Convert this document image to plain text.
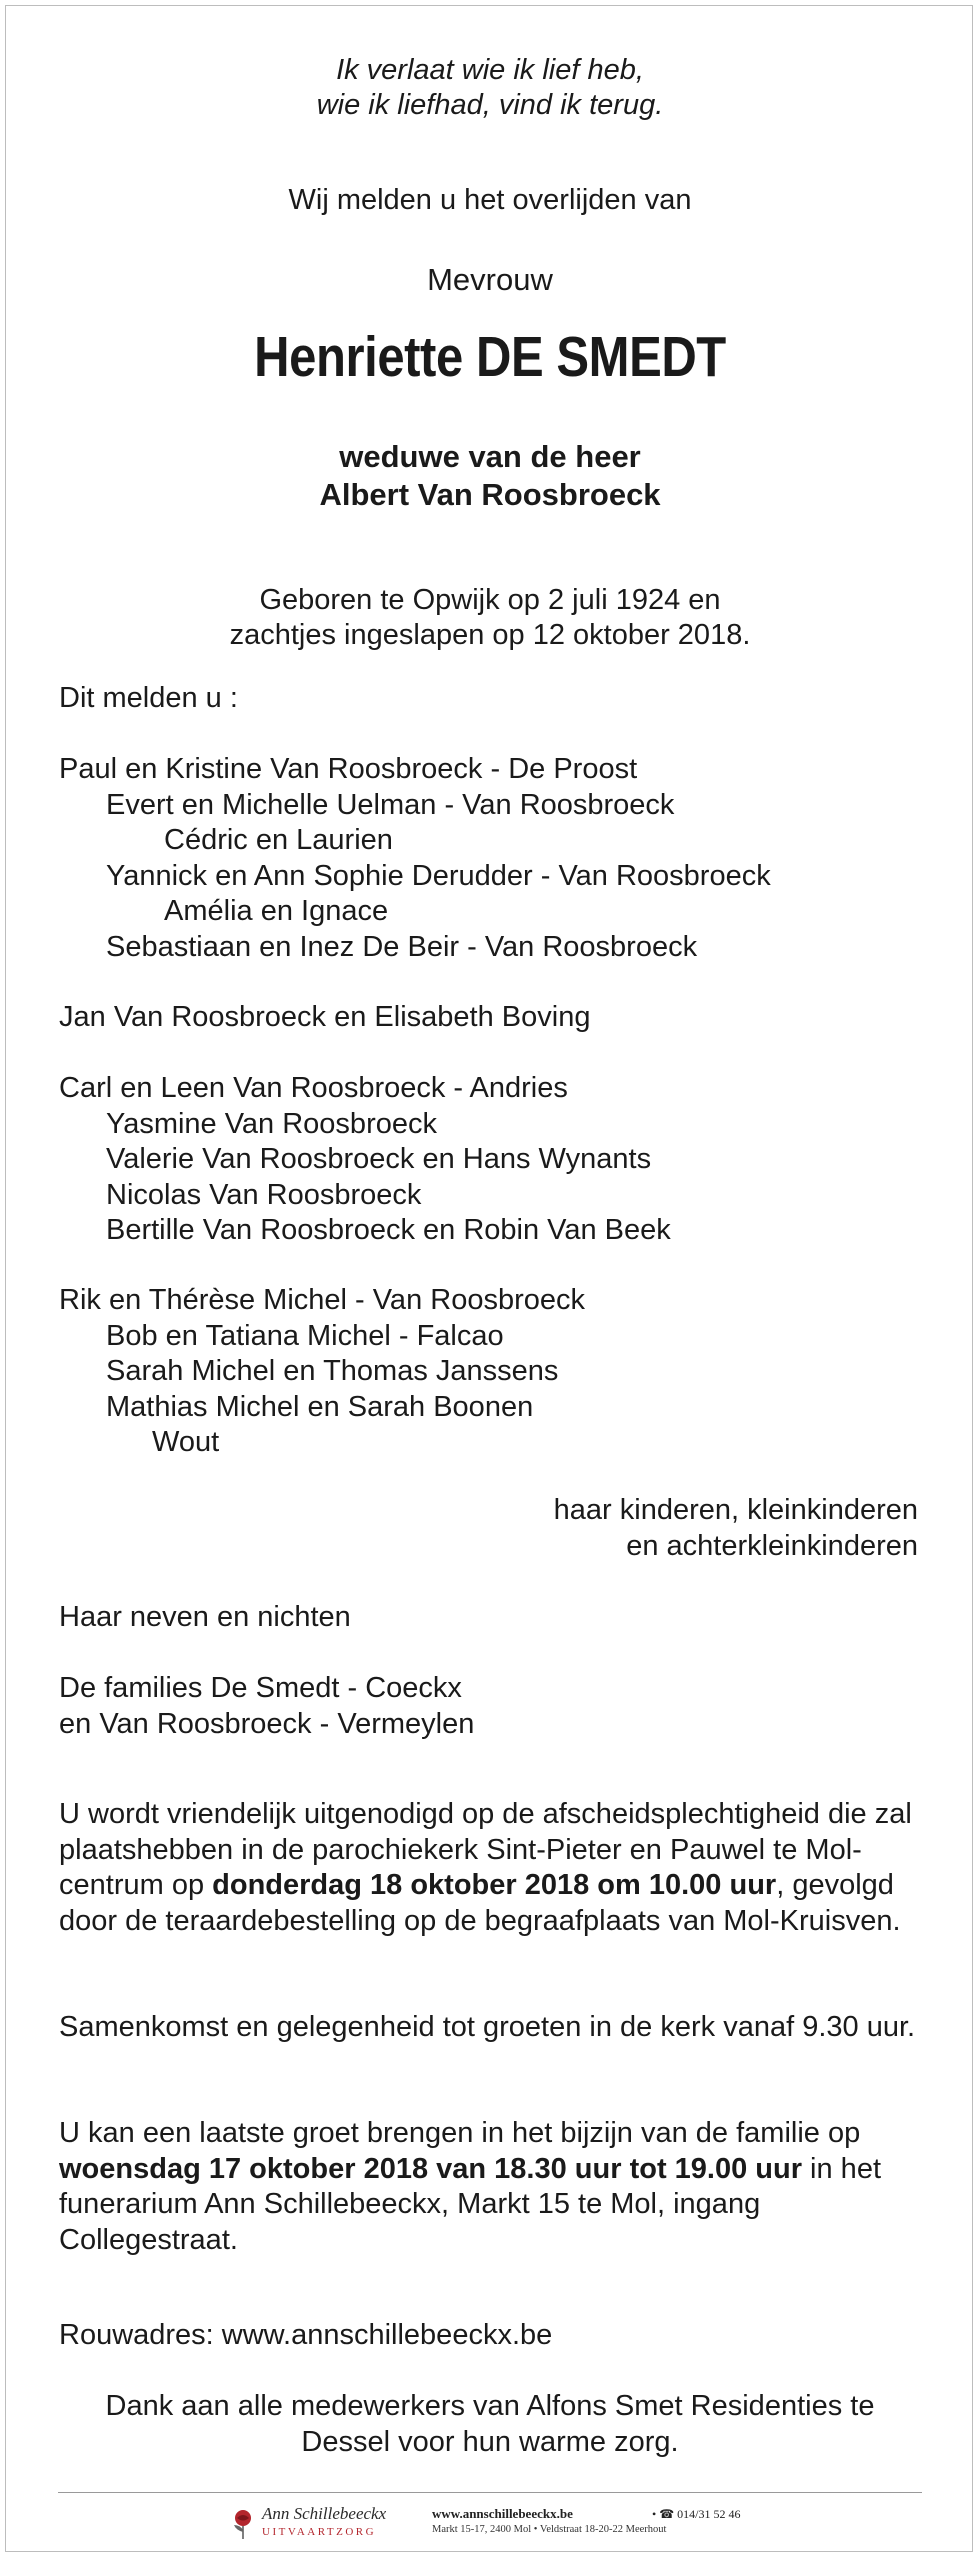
Ik verlaat wie ik lief heb,
wie ik liefhad, vind ik terug.
Wij melden u het overlijden van
Mevrouw
Henriette DE SMEDT
weduwe van de heer
Albert Van Roosbroeck
Geboren te Opwijk op 2 juli 1924 en
zachtjes ingeslapen op 12 oktober 2018.
Dit melden u :
Paul en Kristine Van Roosbroeck - De Proost
Evert en Michelle Uelman - Van Roosbroeck
Cédric en Laurien
Yannick en Ann Sophie Derudder - Van Roosbroeck
Amélia en Ignace
Sebastiaan en Inez De Beir - Van Roosbroeck
Jan Van Roosbroeck en Elisabeth Boving
Carl en Leen Van Roosbroeck - Andries
Yasmine Van Roosbroeck
Valerie Van Roosbroeck en Hans Wynants
Nicolas Van Roosbroeck
Bertille Van Roosbroeck en Robin Van Beek
Rik en Thérèse Michel - Van Roosbroeck
Bob en Tatiana Michel - Falcao
Sarah Michel en Thomas Janssens
Mathias Michel en Sarah Boonen
Wout
haar kinderen, kleinkinderen
en achterkleinkinderen
Haar neven en nichten
De families De Smedt - Coeckx
en Van Roosbroeck - Vermeylen
U wordt vriendelijk uitgenodigd op de afscheidsplechtigheid die zal plaatshebben in de parochiekerk Sint-Pieter en Pauwel te Mol-centrum op donderdag 18 oktober 2018 om 10.00 uur, gevolgd door de teraardebestelling op de begraafplaats van Mol-Kruisven.
Samenkomst en gelegenheid tot groeten in de kerk vanaf 9.30 uur.
U kan een laatste groet brengen in het bijzijn van de familie op woensdag 17 oktober 2018 van 18.30 uur tot 19.00 uur in het funerarium Ann Schillebeeckx, Markt 15 te Mol, ingang Collegestraat.
Rouwadres: www.annschillebeeckx.be
Dank aan alle medewerkers van Alfons Smet Residenties te
Dessel voor hun warme zorg.
Ann Schillebeeckx
UITVAARTZORG
www.annschillebeeckx.be	• ☎ 014/31 52 46
Markt 15-17, 2400 Mol • Veldstraat 18-20-22 Meerhout
